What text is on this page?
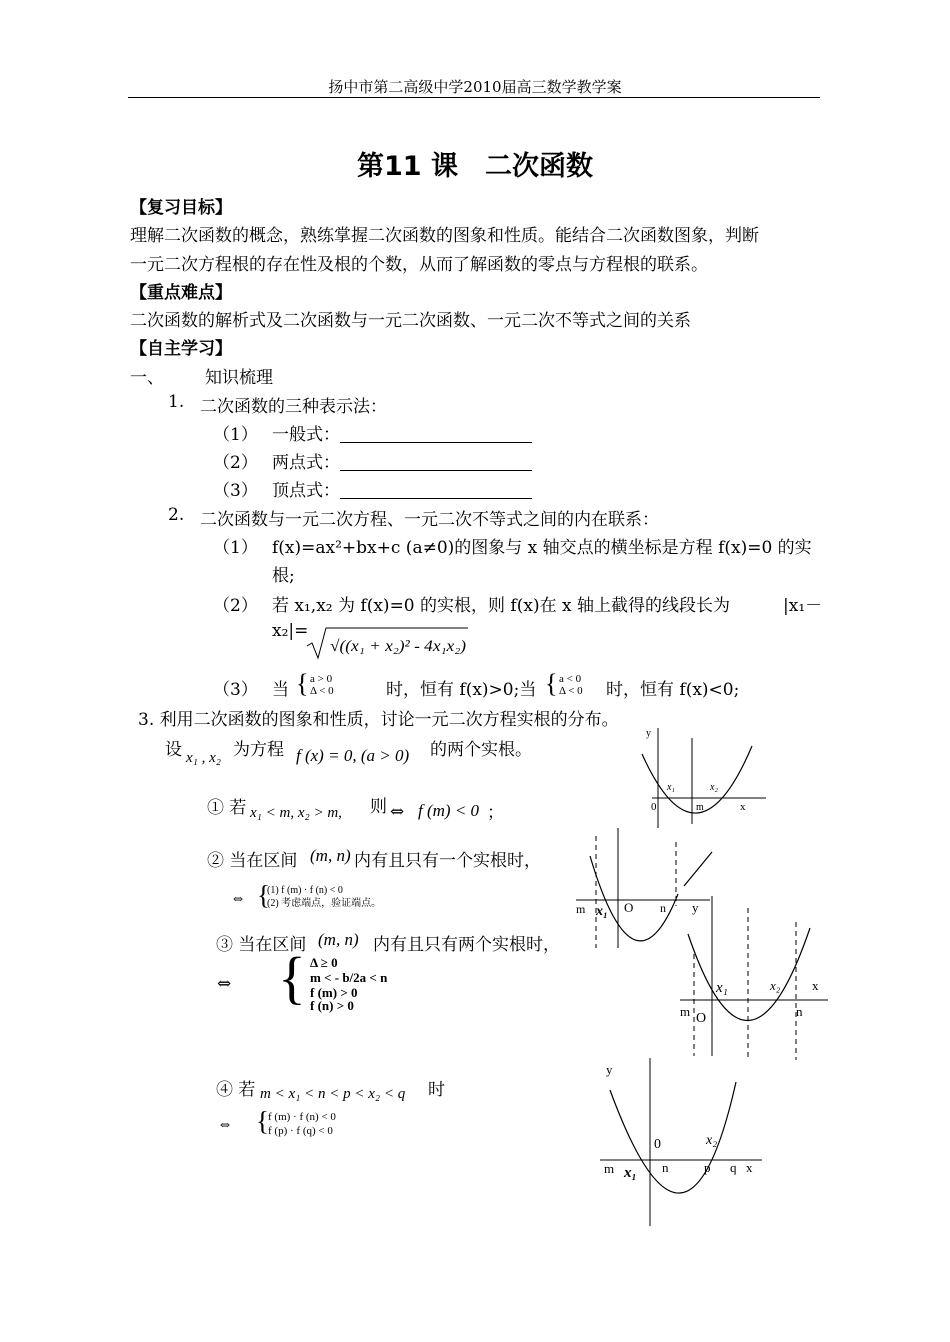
扬中市第二高级中学2010届高三数学教学案
第11 课　二次函数
【复习目标】
理解二次函数的概念，熟练掌握二次函数的图象和性质。能结合二次函数图象，判断
一元二次方程根的存在性及根的个数，从而了解函数的零点与方程根的联系。
【重点难点】
二次函数的解析式及二次函数与一元二次函数、一元二次不等式之间的关系
【自主学习】
一、 知识梳理
1. 二次函数的三种表示法：
（1） 一般式：
（2） 两点式：
（3） 顶点式：
2. 二次函数与一元二次方程、一元二次不等式之间的内在联系：
（1） f(x)=ax²+bx+c (a≠0)的图象与 x 轴交点的横坐标是方程 f(x)=0 的实
根;
（2） 若 x₁,x₂ 为 f(x)=0 的实根，则 f(x)在 x 轴上截得的线段长为	|x₁－
x₂|=
√((x₁ + x₂)² - 4x₁x₂)
（3） 当 { a > 0
Δ < 0	时，恒有 f(x)>0;当 { a < 0
Δ < 0 时，恒有 f(x)<0;
3. 利用二次函数的图象和性质，讨论一元二次方程实根的分布。
设 x₁ , x₂ 为方程 f (x) = 0, (a > 0) 的两个实根。
① 若 x₁ < m, x₂ > m, 则 ⇔ f (m) < 0 ；
② 当在区间 (m, n) 内有且只有一个实根时，
⇔ {
(1) f (m) · f (n) < 0
(2) 考虑端点，验证端点。
③ 当在区间 (m, n) 内有且只有两个实根时，
⇔ { Δ ≥ 0
m < - b/2a < n
f (m) > 0
f (n) > 0
④ 若 m < x₁ < n < p < x₂ < q 时
⇔ { f (m) · f (n) < 0
f (p) · f (q) < 0
y
x
0
x₁	x₂
m
m x₁ O n y
x₁	x₂ x
m O	n
y
0	x₂
m x₁ n	p q x
